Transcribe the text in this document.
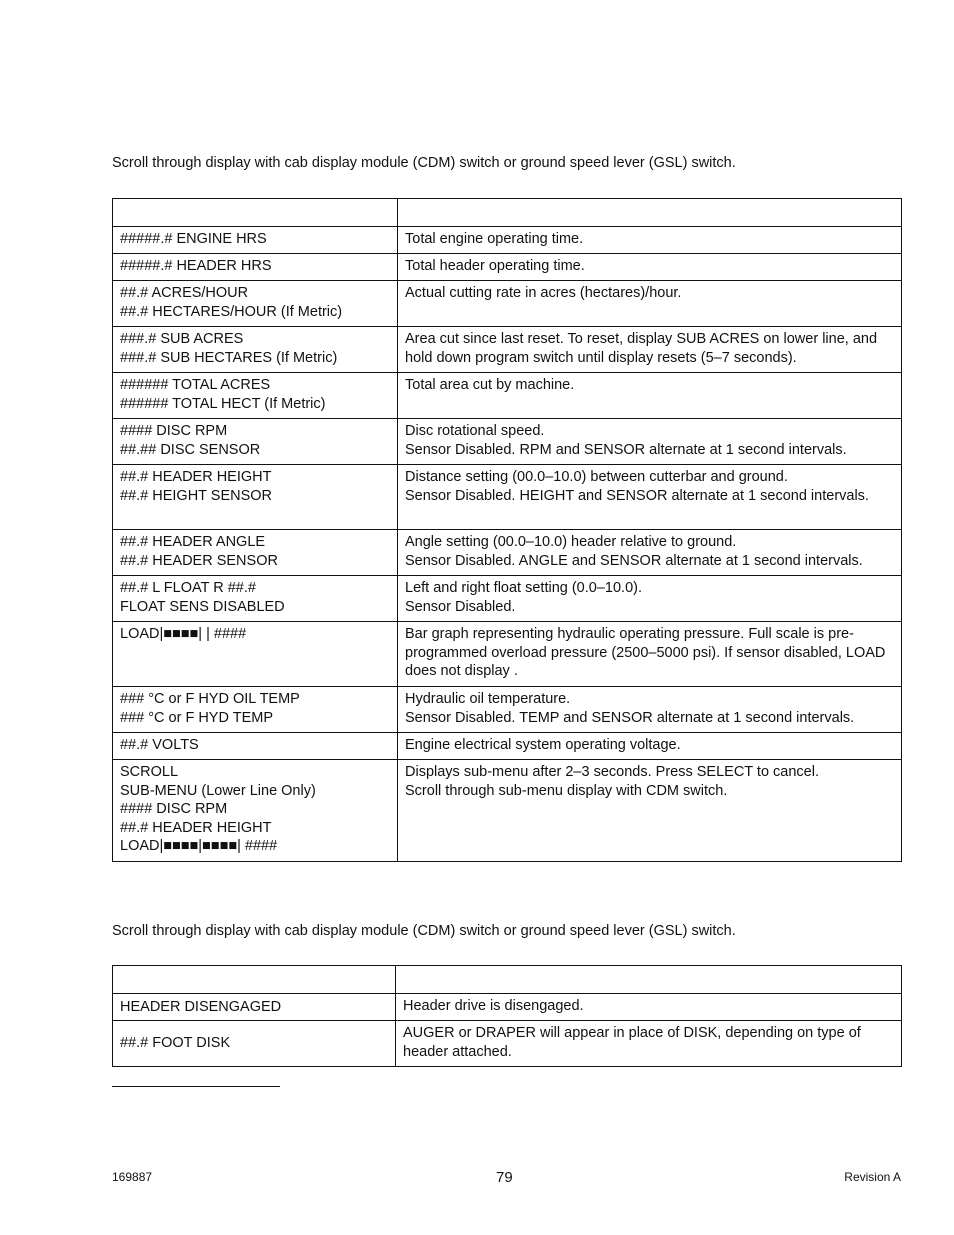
Scroll through display with cab display module (CDM) switch or ground speed lever (GSL) switch.

#####.# ENGINE HRS	Total engine operating time.

#####.# HEADER HRS	Total header operating time.

##.# ACRES/HOUR
##.# HECTARES/HOUR (If Metric)	Actual cutting rate in acres (hectares)/hour.

###.# SUB ACRES
###.# SUB HECTARES (If Metric)	Area cut since last reset. To reset, display SUB ACRES on lower line, and hold down program switch until display resets (5–7 seconds).

###### TOTAL ACRES
###### TOTAL HECT (If Metric)	Total area cut by machine.

#### DISC RPM
##.## DISC SENSOR	Disc rotational speed.
Sensor Disabled. RPM and SENSOR alternate at 1 second intervals.

##.# HEADER HEIGHT
##.# HEIGHT SENSOR	Distance setting (00.0–10.0) between cutterbar and ground.
Sensor Disabled. HEIGHT and SENSOR alternate at 1 second intervals.

##.# HEADER ANGLE
##.# HEADER SENSOR	Angle setting (00.0–10.0) header relative to ground.
Sensor Disabled. ANGLE and SENSOR alternate at 1 second intervals.

##.# L FLOAT R ##.#
FLOAT SENS DISABLED	Left and right float setting (0.0–10.0).
Sensor Disabled.

LOAD|■■■■| | ####	Bar graph representing hydraulic operating pressure. Full scale is pre-programmed overload pressure (2500–5000 psi). If sensor disabled, LOAD does not display .

### °C or F HYD OIL TEMP
### °C or F HYD TEMP	Hydraulic oil temperature.
Sensor Disabled. TEMP and SENSOR alternate at 1 second intervals.

##.# VOLTS	Engine electrical system operating voltage.

SCROLL
SUB-MENU (Lower Line Only)
#### DISC RPM
##.# HEADER HEIGHT
LOAD|■■■■|■■■■| ####	Displays sub-menu after 2–3 seconds. Press SELECT to cancel.
Scroll through sub-menu display with CDM switch.

Scroll through display with cab display module (CDM) switch or ground speed lever (GSL) switch.

HEADER DISENGAGED	Header drive is disengaged.

##.# FOOT DISK	AUGER or DRAPER will appear in place of DISK, depending on type of header attached.
169887	79	Revision A
